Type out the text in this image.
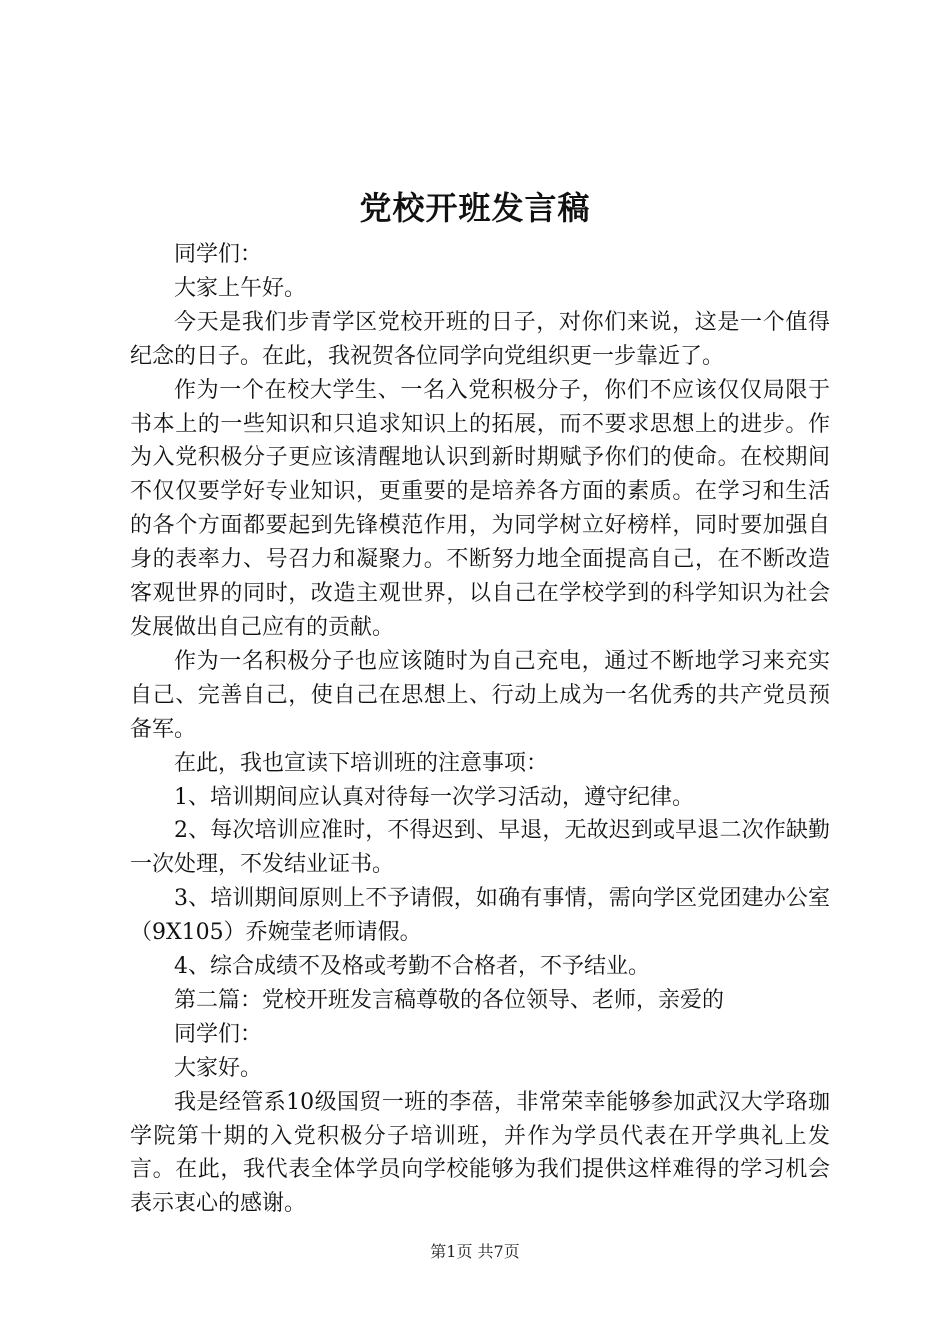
党校开班发言稿

同学们：

大家上午好。

今天是我们步青学区党校开班的日子，对你们来说，这是一个值得纪念的日子。在此，我祝贺各位同学向党组织更一步靠近了。

作为一个在校大学生、一名入党积极分子，你们不应该仅仅局限于书本上的一些知识和只追求知识上的拓展，而不要求思想上的进步。作为入党积极分子更应该清醒地认识到新时期赋予你们的使命。在校期间不仅仅要学好专业知识，更重要的是培养各方面的素质。在学习和生活的各个方面都要起到先锋模范作用，为同学树立好榜样，同时要加强自身的表率力、号召力和凝聚力。不断努力地全面提高自己，在不断改造客观世界的同时，改造主观世界，以自己在学校学到的科学知识为社会发展做出自己应有的贡献。

作为一名积极分子也应该随时为自己充电，通过不断地学习来充实自己、完善自己，使自己在思想上、行动上成为一名优秀的共产党员预备军。

在此，我也宣读下培训班的注意事项：

1、培训期间应认真对待每一次学习活动，遵守纪律。

2、每次培训应准时，不得迟到、早退，无故迟到或早退二次作缺勤一次处理，不发结业证书。

3、培训期间原则上不予请假，如确有事情，需向学区党团建办公室（9X105）乔婉莹老师请假。

4、综合成绩不及格或考勤不合格者，不予结业。

第二篇：党校开班发言稿尊敬的各位领导、老师，亲爱的

同学们：

大家好。

我是经管系10级国贸一班的李蓓，非常荣幸能够参加武汉大学珞珈学院第十期的入党积极分子培训班，并作为学员代表在开学典礼上发言。在此，我代表全体学员向学校能够为我们提供这样难得的学习机会表示衷心的感谢。

第1页 共7页
